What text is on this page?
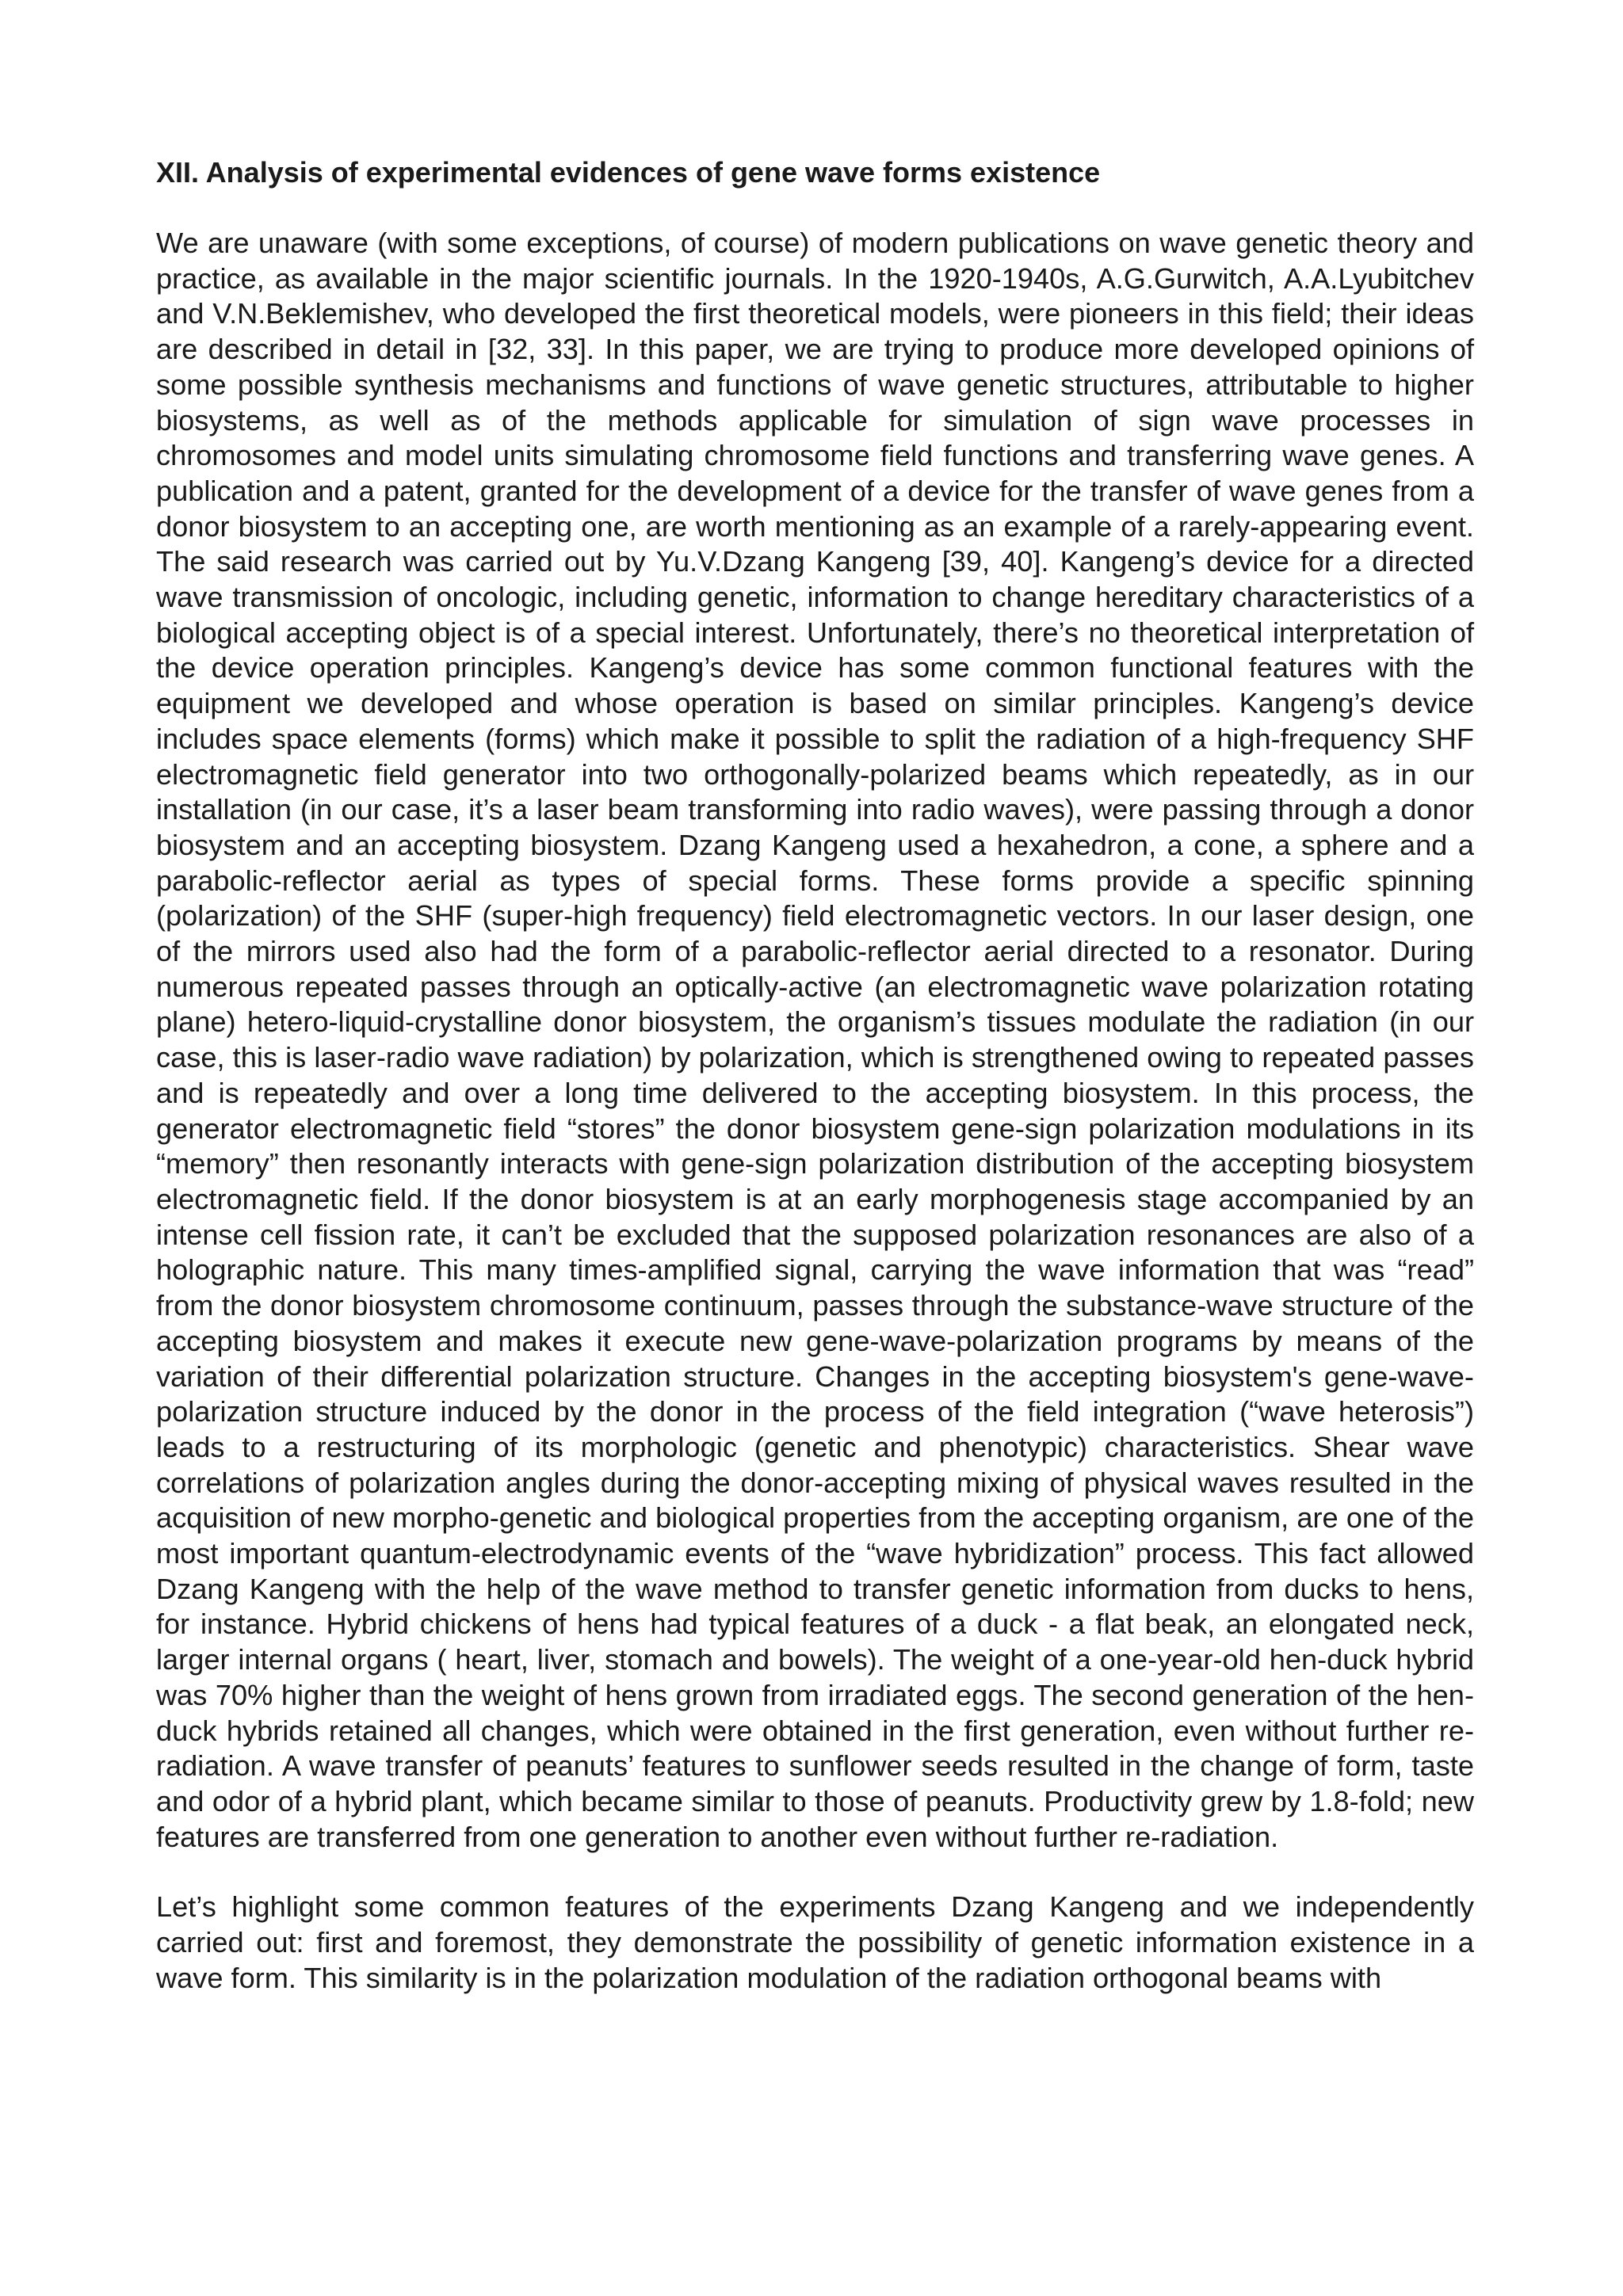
XII. Analysis of experimental evidences of gene wave forms existence

We are unaware (with some exceptions, of course) of modern publications on wave genetic theory and practice, as available in the major scientific journals. In the 1920-1940s, A.G.Gurwitch, A.A.Lyubitchev and V.N.Beklemishev, who developed the first theoretical models, were pioneers in this field; their ideas are described in detail in [32, 33]. In this paper, we are trying to produce more developed opinions of some possible synthesis mechanisms and functions of wave genetic structures, attributable to higher biosystems, as well as of the methods applicable for simulation of sign wave processes in chromosomes and model units simulating chromosome field functions and transferring wave genes. A publication and a patent, granted for the development of a device for the transfer of wave genes from a donor biosystem to an accepting one, are worth mentioning as an example of a rarely-appearing event. The said research was carried out by Yu.V.Dzang Kangeng [39, 40]. Kangeng’s device for a directed wave transmission of oncologic, including genetic, information to change hereditary characteristics of a biological accepting object is of a special interest. Unfortunately, there’s no theoretical interpretation of the device operation principles. Kangeng’s device has some common functional features with the equipment we developed and whose operation is based on similar principles. Kangeng’s device includes space elements (forms) which make it possible to split the radiation of a high-frequency SHF electromagnetic field generator into two orthogonally-polarized beams which repeatedly, as in our installation (in our case, it’s a laser beam transforming into radio waves), were passing through a donor biosystem and an accepting biosystem. Dzang Kangeng used a hexahedron, a cone, a sphere and a parabolic-reflector aerial as types of special forms. These forms provide a specific spinning (polarization) of the SHF (super-high frequency) field electromagnetic vectors. In our laser design, one of the mirrors used also had the form of a parabolic-reflector aerial directed to a resonator. During numerous repeated passes through an optically-active (an electromagnetic wave polarization rotating plane) hetero-liquid-crystalline donor biosystem, the organism’s tissues modulate the radiation (in our case, this is laser-radio wave radiation) by polarization, which is strengthened owing to repeated passes and is repeatedly and over a long time delivered to the accepting biosystem. In this process, the generator electromagnetic field “stores” the donor biosystem gene-sign polarization modulations in its “memory” then resonantly interacts with gene-sign polarization distribution of the accepting biosystem electromagnetic field. If the donor biosystem is at an early morphogenesis stage accompanied by an intense cell fission rate, it can’t be excluded that the supposed polarization resonances are also of a holographic nature. This many times-amplified signal, carrying the wave information that was “read” from the donor biosystem chromosome continuum, passes through the substance-wave structure of the accepting biosystem and makes it execute new gene-wave-polarization programs by means of the variation of their differential polarization structure. Changes in the accepting biosystem's gene-wave-polarization structure induced by the donor in the process of the field integration (“wave heterosis”) leads to a restructuring of its morphologic (genetic and phenotypic) characteristics. Shear wave correlations of polarization angles during the donor-accepting mixing of physical waves resulted in the acquisition of new morpho-genetic and biological properties from the accepting organism, are one of the most important quantum-electrodynamic events of the “wave hybridization” process. This fact allowed Dzang Kangeng with the help of the wave method to transfer genetic information from ducks to hens, for instance. Hybrid chickens of hens had typical features of a duck - a flat beak, an elongated neck, larger internal organs ( heart, liver, stomach and bowels). The weight of a one-year-old hen-duck hybrid was 70% higher than the weight of hens grown from irradiated eggs. The second generation of the hen-duck hybrids retained all changes, which were obtained in the first generation, even without further re-radiation. A wave transfer of peanuts’ features to sunflower seeds resulted in the change of form, taste and odor of a hybrid plant, which became similar to those of peanuts. Productivity grew by 1.8-fold; new features are transferred from one generation to another even without further re-radiation.

Let’s highlight some common features of the experiments Dzang Kangeng and we independently carried out: first and foremost, they demonstrate the possibility of genetic information existence in a wave form. This similarity is in the polarization modulation of the radiation orthogonal beams with
